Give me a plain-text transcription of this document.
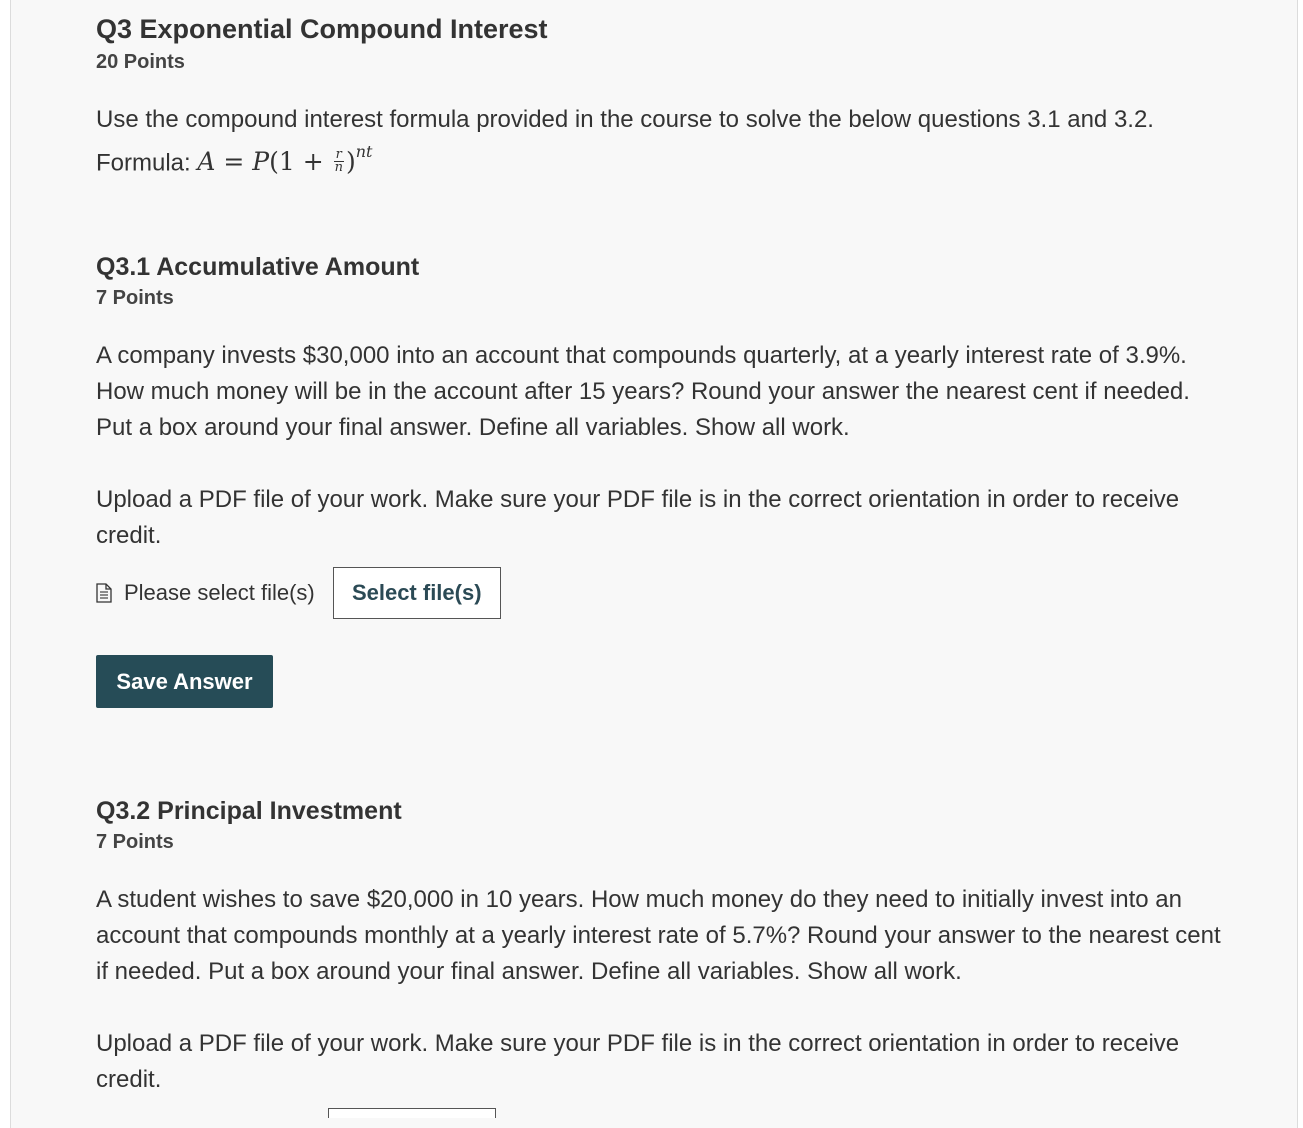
Q3 Exponential Compound Interest
20 Points

Use the compound interest formula provided in the course to solve the below questions 3.1 and 3.2. Formula: $A = P(1 + \frac{r}{n} )^{nt}$

Q3.1 Accumulative Amount
7 Points

A company invests $30,000 into an account that compounds quarterly, at a yearly interest rate of 3.9%. How much money will be in the account after 15 years? Round your answer the nearest cent if needed. Put a box around your final answer. Define all variables. Show all work.

Upload a PDF file of your work. Make sure your PDF file is in the correct orientation in order to receive credit.

Please select file(s)	Select file(s)
Save Answer
Q3.2 Principal Investment
7 Points

A student wishes to save $20,000 in 10 years. How much money do they need to initially invest into an account that compounds monthly at a yearly interest rate of 5.7%? Round your answer to the nearest cent if needed. Put a box around your final answer. Define all variables. Show all work.

Upload a PDF file of your work. Make sure your PDF file is in the correct orientation in order to receive credit.
